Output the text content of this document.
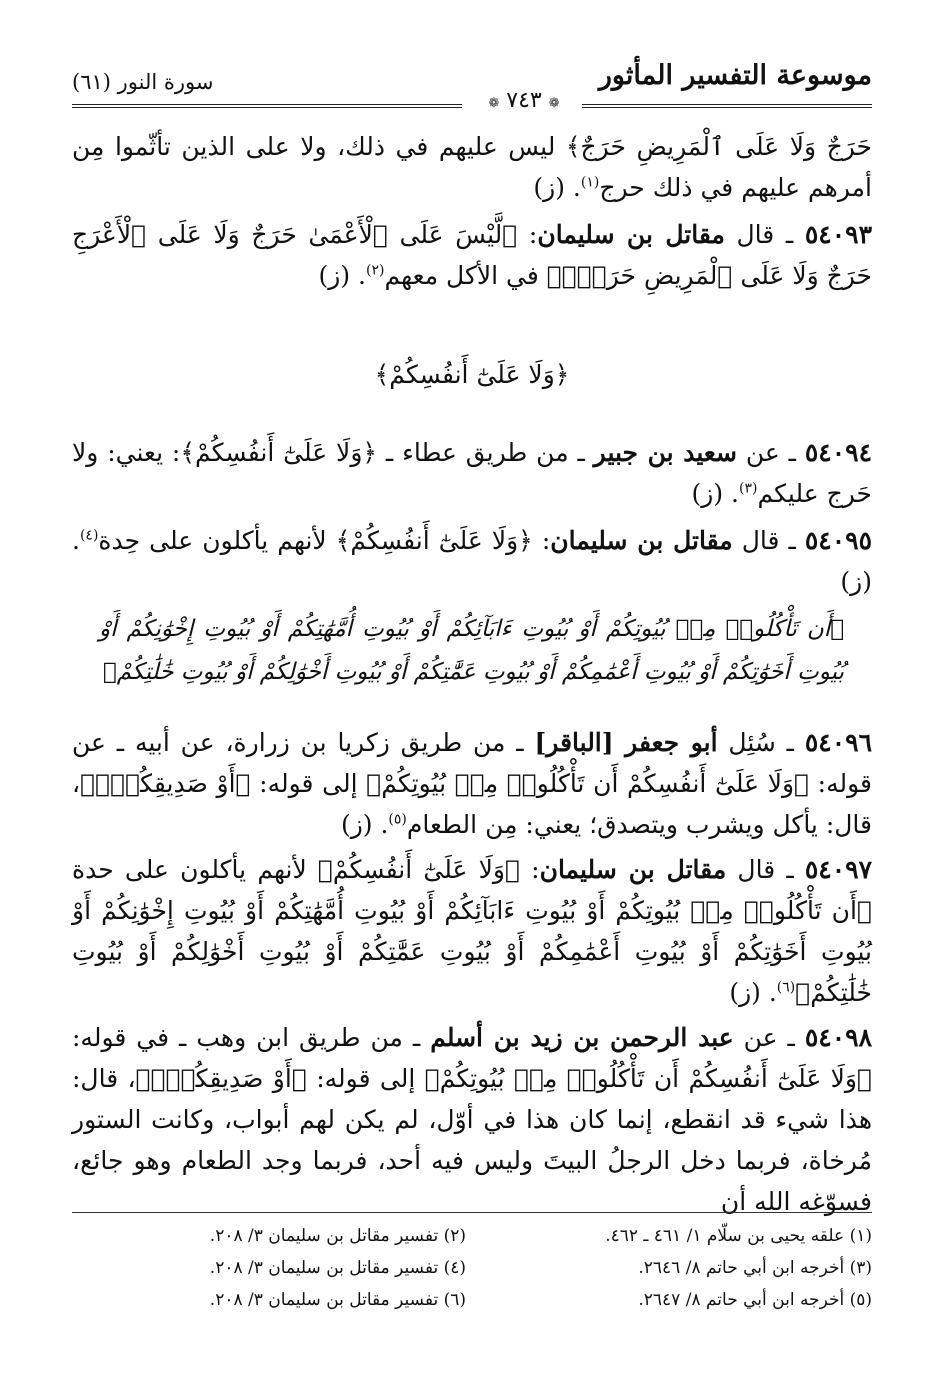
موسوعة التفسير المأثور
سورة النور (٦١)
❁ ٧٤٣ ❁

حَرَجٌ وَلَا عَلَى ٱلْمَرِيضِ حَرَجٌ﴾ ليس عليهم في ذلك، ولا على الذين تأثّموا مِن أمرهم عليهم في ذلك حرج$^{(١)}$. (ز)

٥٤٠٩٣ ـ قال مقاتل بن سليمان: ﴿لَّيْسَ عَلَى ٱلْأَعْمَىٰ حَرَجٌ وَلَا عَلَى ٱلْأَعْرَجِ حَرَجٌ وَلَا عَلَى ٱلْمَرِيضِ حَرَجٌۗ﴾ في الأكل معهم$^{(٢)}$. (ز)

﴿وَلَا عَلَىٰٓ أَنفُسِكُمْ﴾

٥٤٠٩٤ ـ عن سعيد بن جبير ـ من طريق عطاء ـ ﴿وَلَا عَلَىٰٓ أَنفُسِكُمْ﴾: يعني: ولا حَرج عليكم$^{(٣)}$. (ز)

٥٤٠٩٥ ـ قال مقاتل بن سليمان: ﴿وَلَا عَلَىٰٓ أَنفُسِكُمْ﴾ لأنهم يأكلون على حِدة$^{(٤)}$. (ز)

﴿أَن تَأْكُلُوا۟ مِنۢ بُيُوتِكُمْ أَوْ بُيُوتِ ءَابَآئِكُمْ أَوْ بُيُوتِ أُمَّهَٰتِكُمْ أَوْ بُيُوتِ إِخْوَٰنِكُمْ أَوْ بُيُوتِ أَخَوَٰتِكُمْ أَوْ بُيُوتِ أَعْمَٰمِكُمْ أَوْ بُيُوتِ عَمَّٰتِكُمْ أَوْ بُيُوتِ أَخْوَٰلِكُمْ أَوْ بُيُوتِ خَٰلَٰتِكُمْ﴾

٥٤٠٩٦ ـ سُئِل أبو جعفر [الباقر] ـ من طريق زكريا بن زرارة، عن أبيه ـ عن قوله: ﴿وَلَا عَلَىٰٓ أَنفُسِكُمْ أَن تَأْكُلُوا۟ مِنۢ بُيُوتِكُمْ﴾ إلى قوله: ﴿أَوْ صَدِيقِكُمْۚ﴾، قال: يأكل ويشرب ويتصدق؛ يعني: مِن الطعام$^{(٥)}$. (ز)

٥٤٠٩٧ ـ قال مقاتل بن سليمان: ﴿وَلَا عَلَىٰٓ أَنفُسِكُمْ﴾ لأنهم يأكلون على حدة ﴿أَن تَأْكُلُوا۟ مِنۢ بُيُوتِكُمْ أَوْ بُيُوتِ ءَابَآئِكُمْ أَوْ بُيُوتِ أُمَّهَٰتِكُمْ أَوْ بُيُوتِ إِخْوَٰنِكُمْ أَوْ بُيُوتِ أَخَوَٰتِكُمْ أَوْ بُيُوتِ أَعْمَٰمِكُمْ أَوْ بُيُوتِ عَمَّٰتِكُمْ أَوْ بُيُوتِ أَخْوَٰلِكُمْ أَوْ بُيُوتِ خَٰلَٰتِكُمْ﴾$^{(٦)}$. (ز)

٥٤٠٩٨ ـ عن عبد الرحمن بن زيد بن أسلم ـ من طريق ابن وهب ـ في قوله: ﴿وَلَا عَلَىٰٓ أَنفُسِكُمْ أَن تَأْكُلُوا۟ مِنۢ بُيُوتِكُمْ﴾ إلى قوله: ﴿أَوْ صَدِيقِكُمْۚ﴾، قال: هذا شيء قد انقطع، إنما كان هذا في أوّل، لم يكن لهم أبواب، وكانت الستور مُرخاة، فربما دخل الرجلُ البيتَ وليس فيه أحد، فربما وجد الطعام وهو جائع، فسوّغه الله أن

(١) علقه يحيى بن سلّام ١/ ٤٦١ ـ ٤٦٢.
(٢) تفسير مقاتل بن سليمان ٣/ ٢٠٨.
(٣) أخرجه ابن أبي حاتم ٨/ ٢٦٤٦.
(٤) تفسير مقاتل بن سليمان ٣/ ٢٠٨.
(٥) أخرجه ابن أبي حاتم ٨/ ٢٦٤٧.
(٦) تفسير مقاتل بن سليمان ٣/ ٢٠٨.
